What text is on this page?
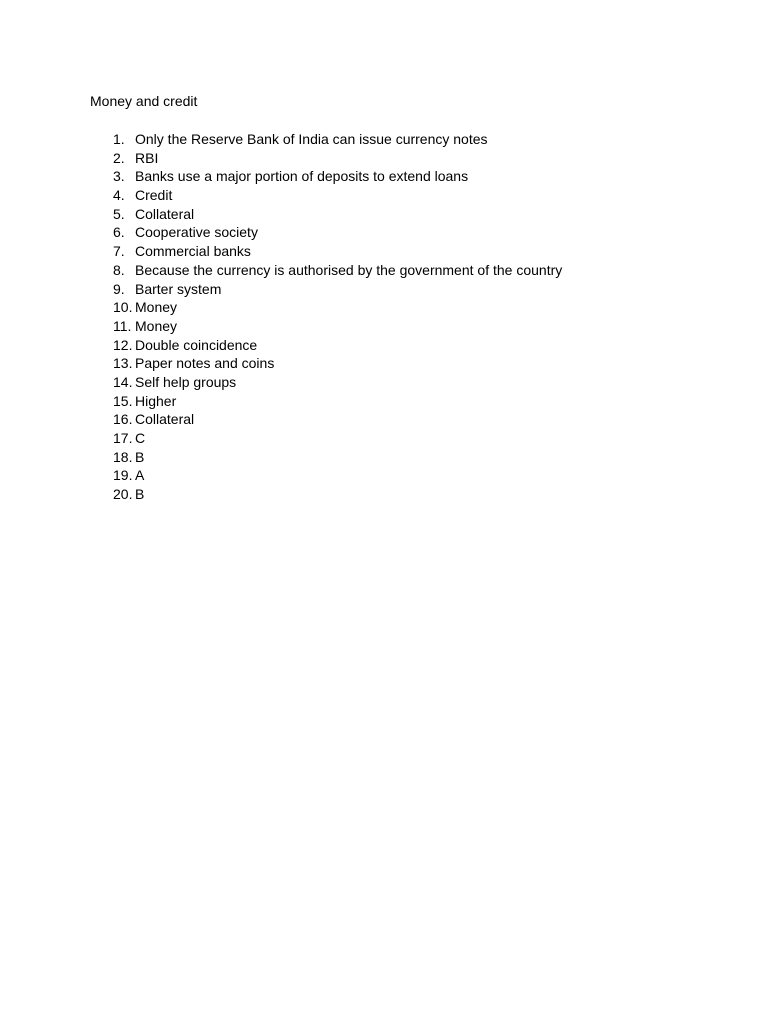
Money and credit
1. Only the Reserve Bank of India can issue currency notes
2. RBI
3. Banks use a major portion of deposits to extend loans
4. Credit
5. Collateral
6. Cooperative society
7. Commercial banks
8. Because the currency is authorised by the government of the country
9. Barter system
10. Money
11. Money
12. Double coincidence
13. Paper notes and coins
14. Self help groups
15. Higher
16. Collateral
17. C
18. B
19. A
20. B
